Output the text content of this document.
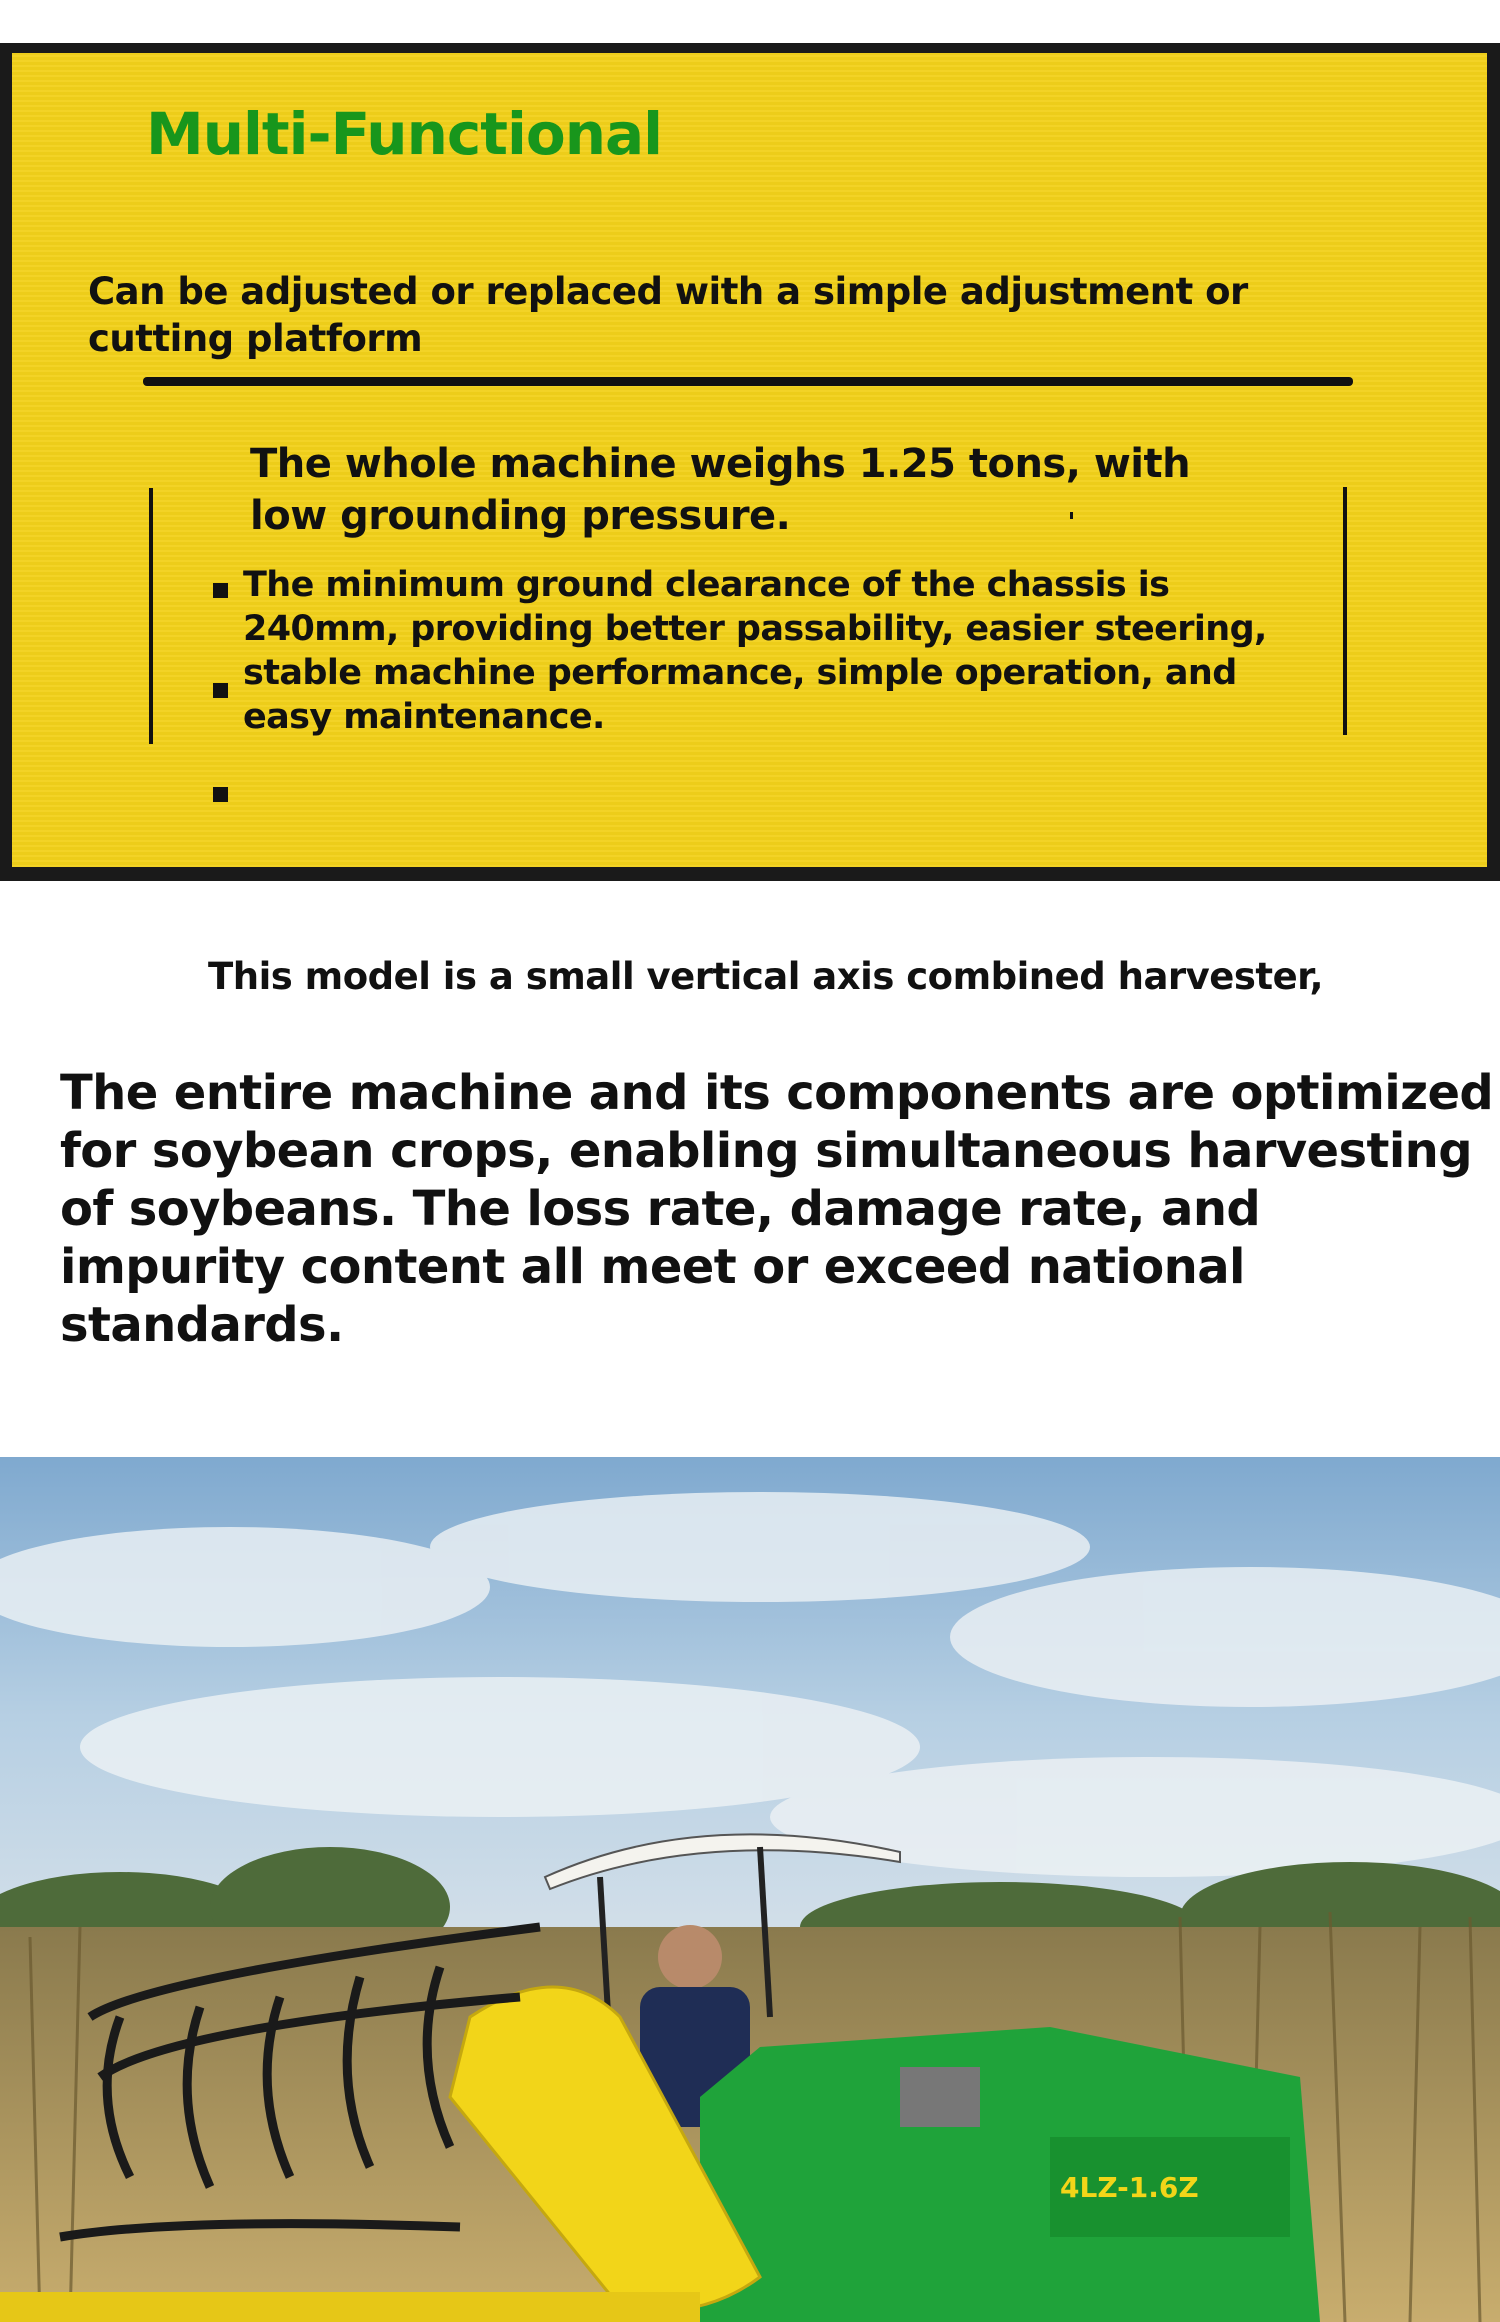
Multi-Functional
Can be adjusted or replaced with a simple adjustment or cutting platform
The whole machine weighs 1.25 tons, with low grounding pressure.
The minimum ground clearance of the chassis is 240mm, providing better passability, easier steering, stable machine performance, simple operation, and easy maintenance.
This model is a small vertical axis combined harvester,
The entire machine and its components are optimized for soybean crops, enabling simultaneous harvesting of soybeans. The loss rate, damage rate, and impurity content all meet or exceed national standards.
4LZ-1.6Z
